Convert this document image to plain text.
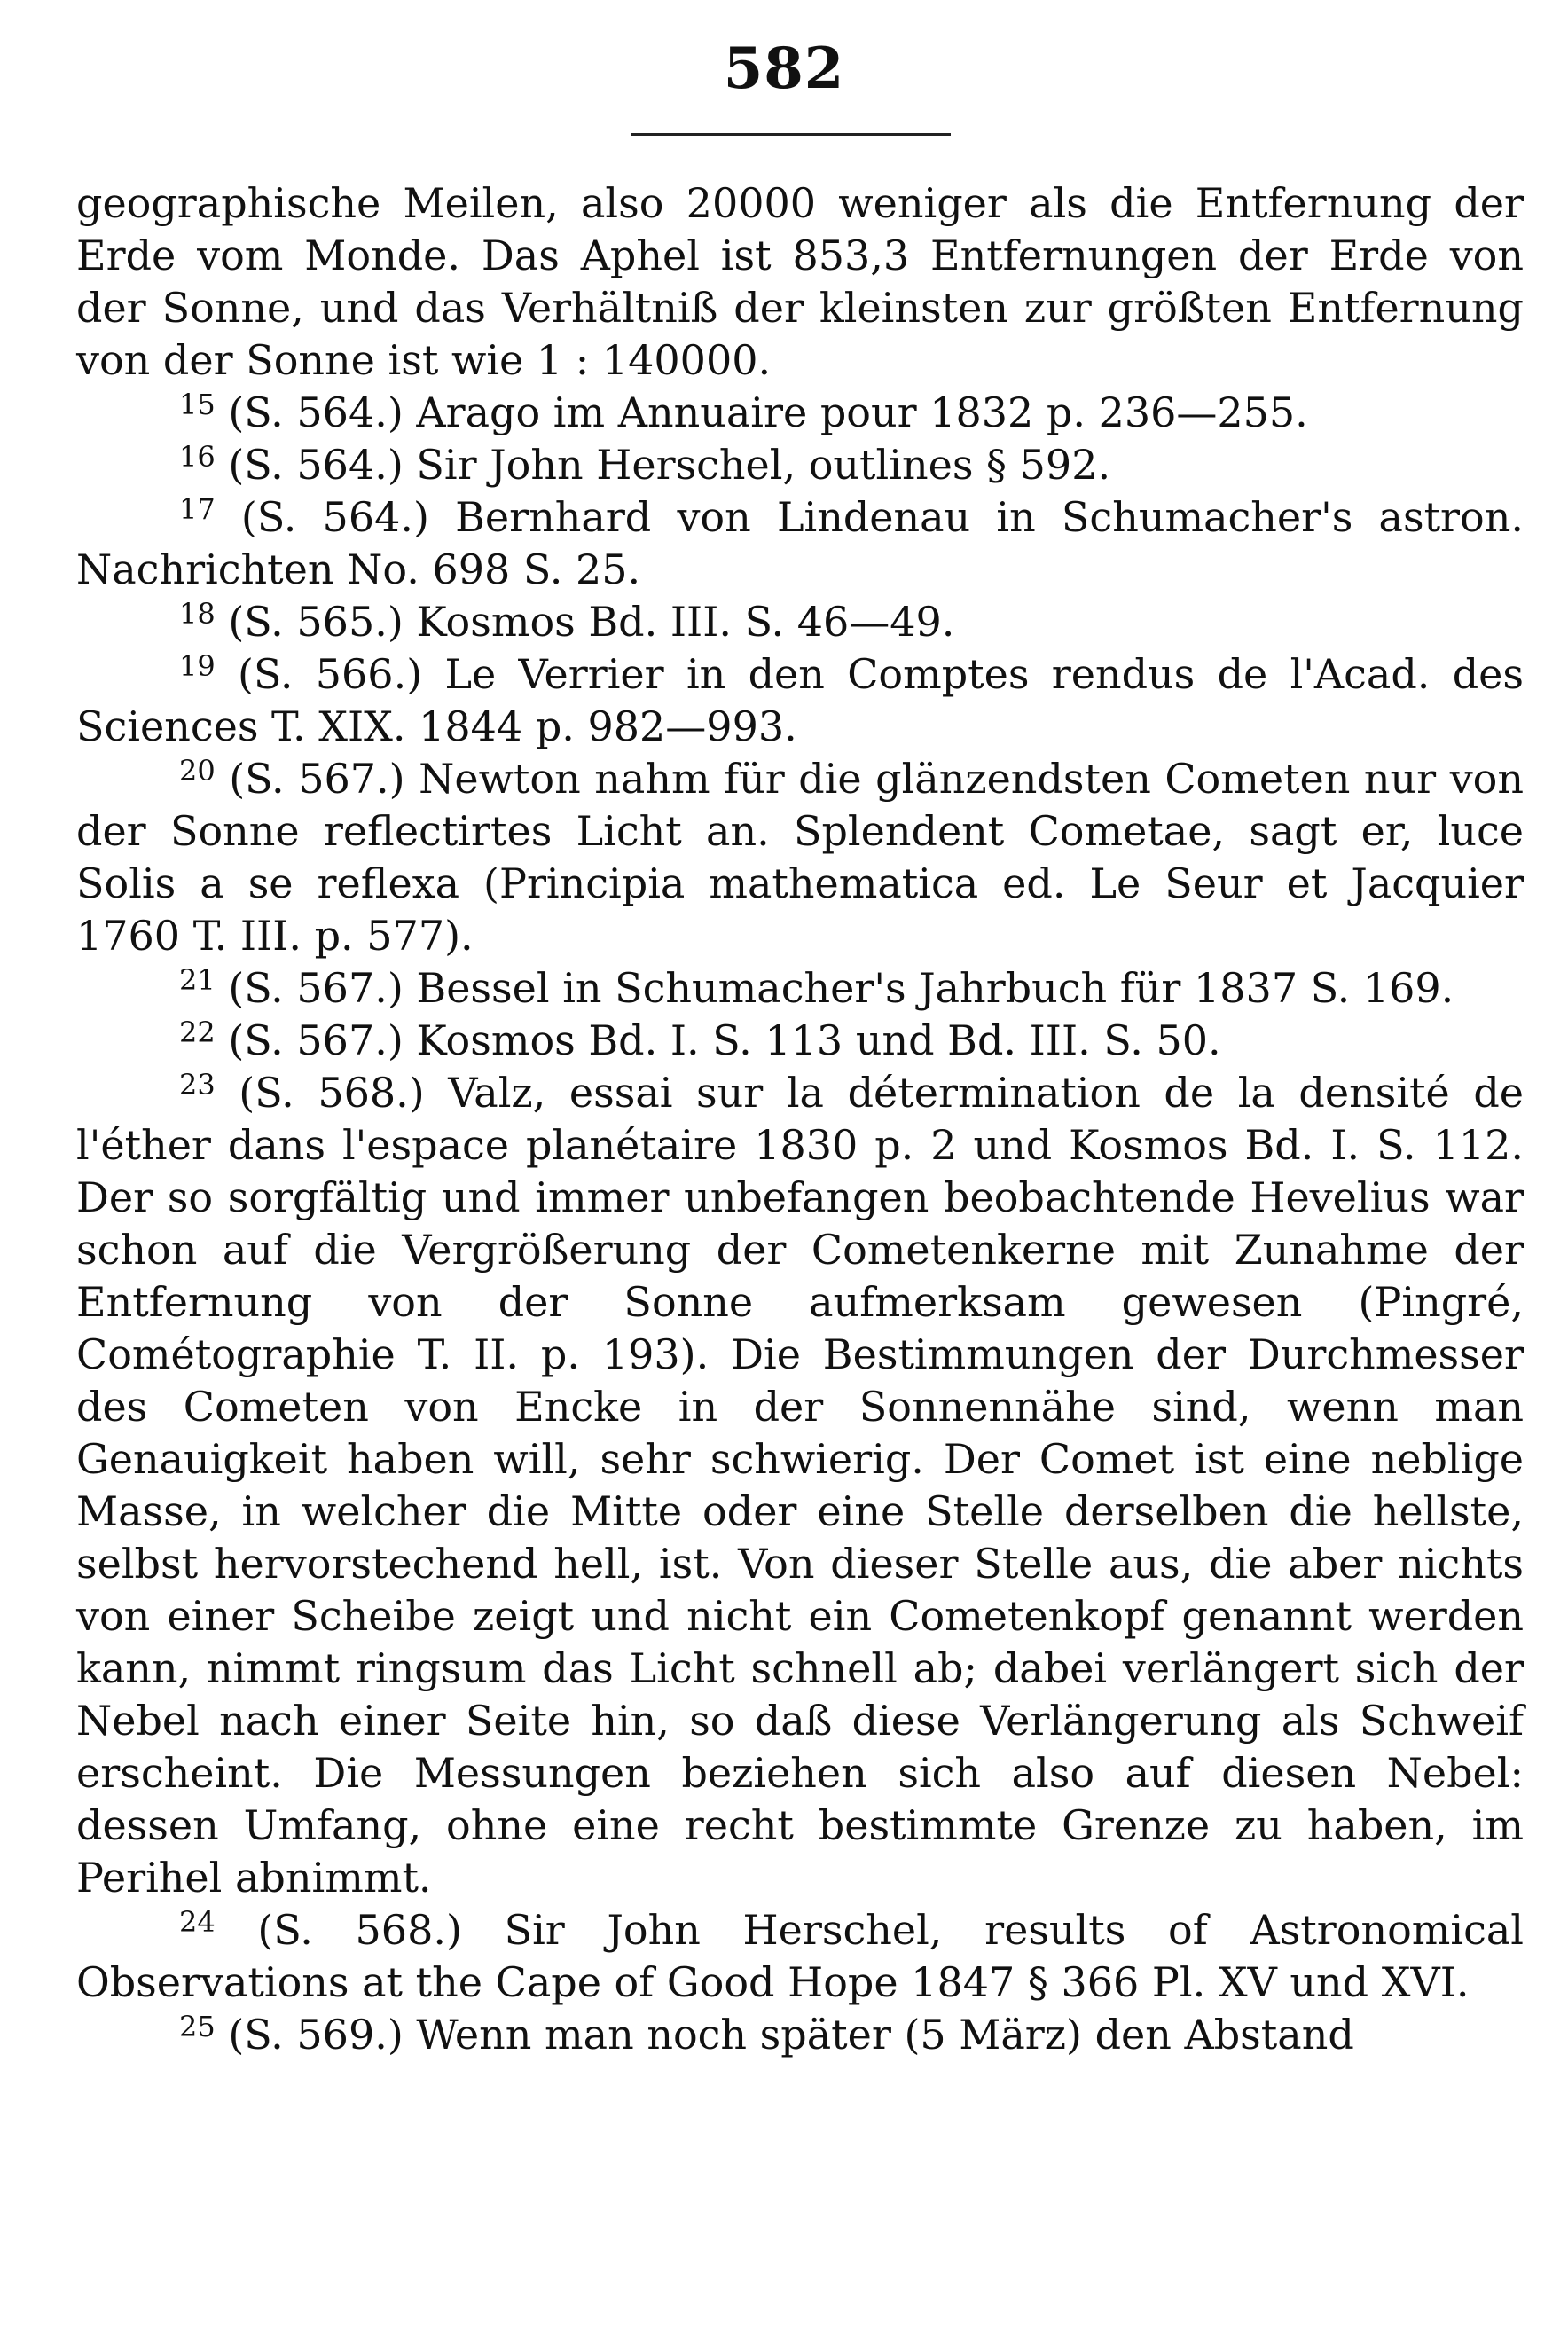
582

geographische Meilen, also 20000 weniger als die Entfernung der Erde vom Monde. Das Aphel ist 853,3 Entfernungen der Erde von der Sonne, und das Verhältniß der kleinsten zur größten Entfernung von der Sonne ist wie 1 : 140000.

$^{15}$ (S. 564.) Arago im Annuaire pour 1832 p. 236—255.

$^{16}$ (S. 564.) Sir John Herschel, outlines § 592.

$^{17}$ (S. 564.) Bernhard von Lindenau in Schumacher's astron. Nachrichten No. 698 S. 25.

$^{18}$ (S. 565.) Kosmos Bd. III. S. 46—49.

$^{19}$ (S. 566.) Le Verrier in den Comptes rendus de l'Acad. des Sciences T. XIX. 1844 p. 982—993.

$^{20}$ (S. 567.) Newton nahm für die glänzendsten Cometen nur von der Sonne reflectirtes Licht an. Splendent Cometae, sagt er, luce Solis a se reflexa (Principia mathematica ed. Le Seur et Jacquier 1760 T. III. p. 577).

$^{21}$ (S. 567.) Bessel in Schumacher's Jahrbuch für 1837 S. 169.

$^{22}$ (S. 567.) Kosmos Bd. I. S. 113 und Bd. III. S. 50.

$^{23}$ (S. 568.) Valz, essai sur la détermination de la densité de l'éther dans l'espace planétaire 1830 p. 2 und Kosmos Bd. I. S. 112. Der so sorgfältig und immer unbefangen beobachtende Hevelius war schon auf die Vergrößerung der Cometenkerne mit Zunahme der Entfernung von der Sonne aufmerksam gewesen (Pingré, Cométographie T. II. p. 193). Die Bestimmungen der Durchmesser des Cometen von Encke in der Sonnennähe sind, wenn man Genauigkeit haben will, sehr schwierig. Der Comet ist eine neblige Masse, in welcher die Mitte oder eine Stelle derselben die hellste, selbst hervorstechend hell, ist. Von dieser Stelle aus, die aber nichts von einer Scheibe zeigt und nicht ein Cometenkopf genannt werden kann, nimmt ringsum das Licht schnell ab; dabei verlängert sich der Nebel nach einer Seite hin, so daß diese Verlängerung als Schweif erscheint. Die Messungen beziehen sich also auf diesen Nebel: dessen Umfang, ohne eine recht bestimmte Grenze zu haben, im Perihel abnimmt.

$^{24}$ (S. 568.) Sir John Herschel, results of Astronomical Observations at the Cape of Good Hope 1847 § 366 Pl. XV und XVI.

$^{25}$ (S. 569.) Wenn man noch später (5 März) den Abstand
